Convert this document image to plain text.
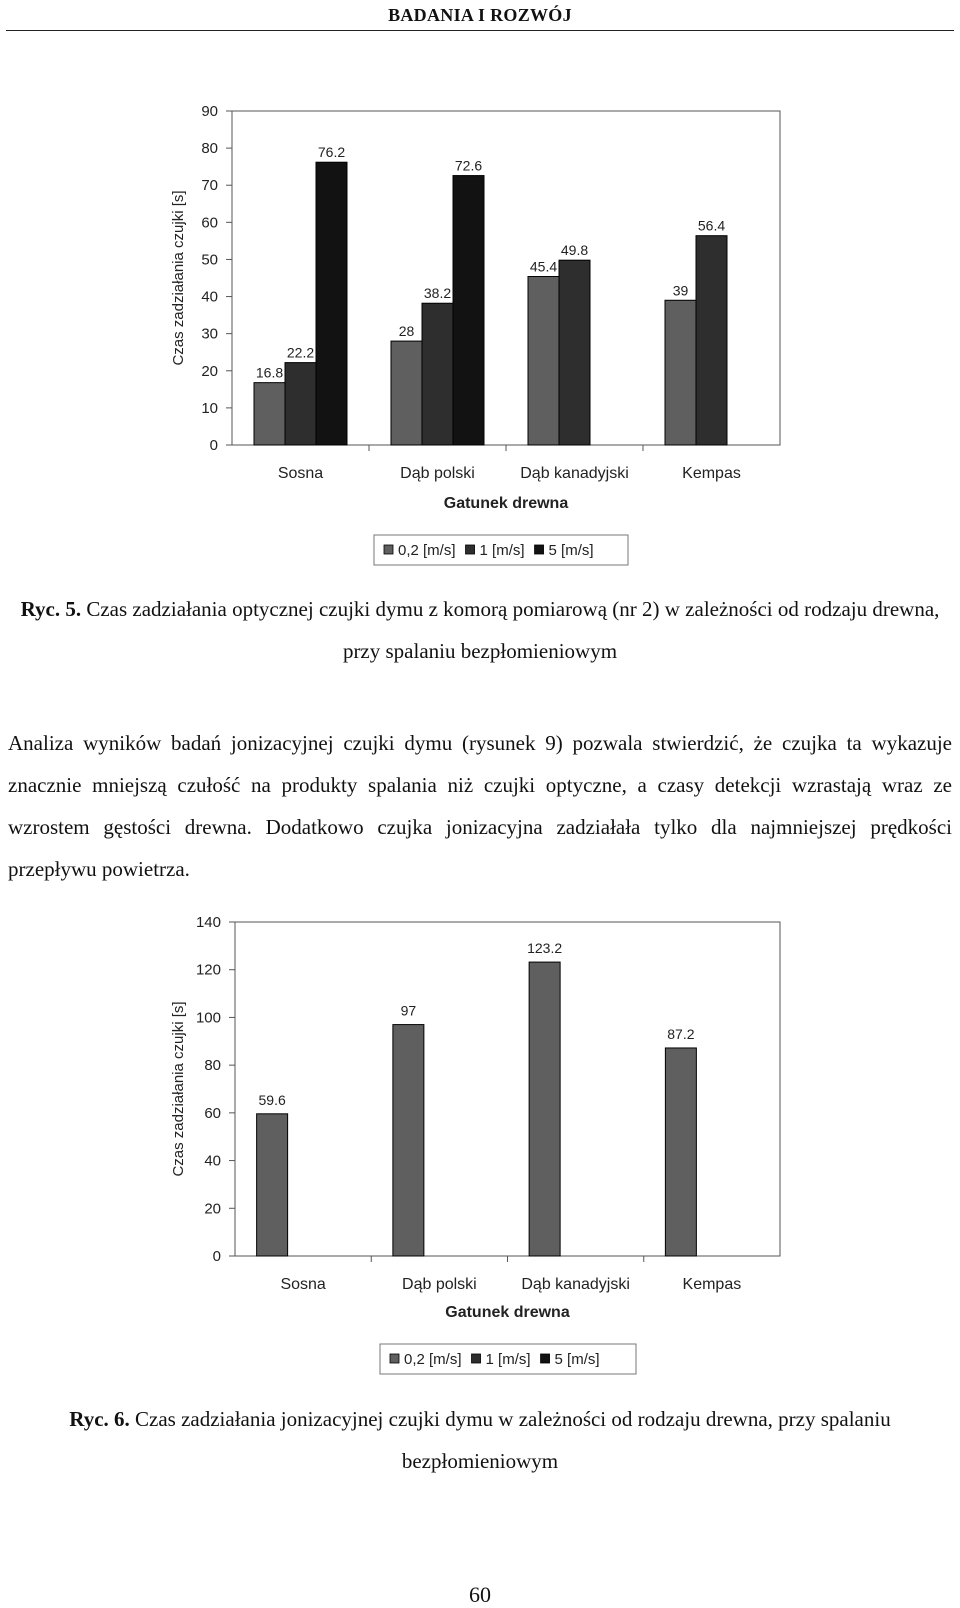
BADANIA I ROZWÓJ
0
10
20
30
40
50
60
70
80
90
Czas zadziałania czujki [s]
Sosna
16.8
22.2
76.2
Dąb polski
28
38.2
72.6
Dąb kanadyjski
45.4
49.8
Kempas
39
56.4
Gatunek drewna
0,2 [m/s] 1 [m/s] 5 [m/s]
Ryc. 5. Czas zadziałania optycznej czujki dymu z komorą pomiarową (nr 2) w zależności od rodzaju drewna, przy spalaniu bezpłomieniowym
Analiza wyników badań jonizacyjnej czujki dymu (rysunek 9) pozwala stwierdzić, że czujka ta wykazuje znacznie mniejszą czułość na produkty spalania niż czujki optyczne, a czasy detekcji wzrastają wraz ze wzrostem gęstości drewna. Dodatkowo czujka jonizacyjna zadziałała tylko dla najmniejszej prędkości przepływu powietrza.
0
20
40
60
80
100
120
140
Czas zadziałania czujki [s]
Sosna
59.6
Dąb polski
97
Dąb kanadyjski
123.2
Kempas
87.2
Gatunek drewna
0,2 [m/s] 1 [m/s] 5 [m/s]
Ryc. 6. Czas zadziałania jonizacyjnej czujki dymu w zależności od rodzaju drewna, przy spalaniu bezpłomieniowym
60
